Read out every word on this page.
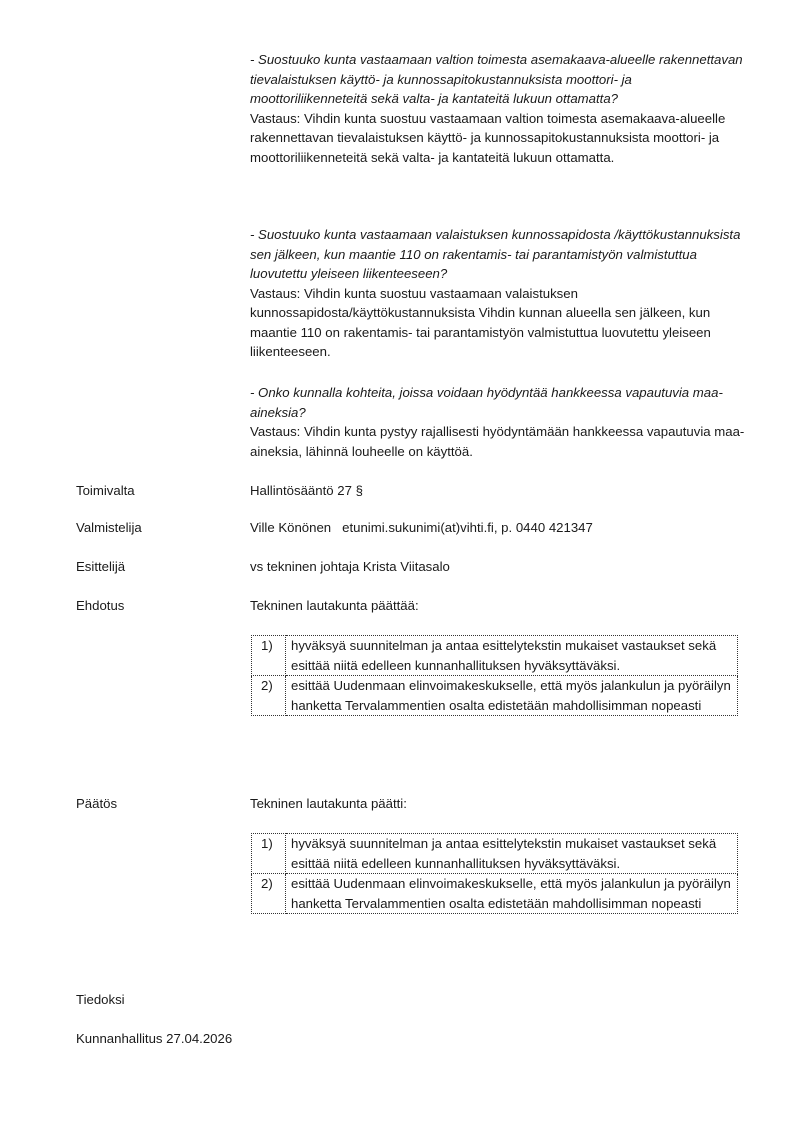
- Suostuuko kunta vastaamaan valtion toimesta asemakaava-alueelle rakennettavan tievalaistuksen käyttö- ja kunnossapitokustannuksista moottori- ja moottoriliikenneteitä sekä valta- ja kantateitä lukuun ottamatta?
Vastaus: Vihdin kunta suostuu vastaamaan valtion toimesta asemakaava-alueelle rakennettavan tievalaistuksen käyttö- ja kunnossapitokustannuksista moottori- ja moottoriliikenneteitä sekä valta- ja kantateitä lukuun ottamatta.
- Suostuuko kunta vastaamaan valaistuksen kunnossapidosta /käyttökustannuksista sen jälkeen, kun maantie 110 on rakentamis- tai parantamistyön valmistuttua luovutettu yleiseen liikenteeseen?
Vastaus: Vihdin kunta suostuu vastaamaan valaistuksen kunnossapidosta/käyttökustannuksista Vihdin kunnan alueella sen jälkeen, kun maantie 110 on rakentamis- tai parantamistyön valmistuttua luovutettu yleiseen liikenteeseen.
- Onko kunnalla kohteita, joissa voidaan hyödyntää hankkeessa vapautuvia maa-aineksia?
Vastaus: Vihdin kunta pystyy rajallisesti hyödyntämään hankkeessa vapautuvia maa-aineksia, lähinnä louheelle on käyttöä.
Toimivalta	Hallintösääntö 27 §
Valmistelija	Ville Könönen   etunimi.sukunimi(at)vihti.fi, p. 0440 421347
Esittelijä	vs tekninen johtaja Krista Viitasalo
Ehdotus	Tekninen lautakunta päättää:
1)	hyväksyä suunnitelman ja antaa esittelytekstin mukaiset vastaukset sekä esittää niitä edelleen kunnanhallituksen hyväksyttäväksi.
2)	esittää Uudenmaan elinvoimakeskukselle, että myös jalankulun ja pyöräilyn hanketta Tervalammentien osalta edistetään mahdollisimman nopeasti
Päätös	Tekninen lautakunta päätti:
1)	hyväksyä suunnitelman ja antaa esittelytekstin mukaiset vastaukset sekä esittää niitä edelleen kunnanhallituksen hyväksyttäväksi.
2)	esittää Uudenmaan elinvoimakeskukselle, että myös jalankulun ja pyöräilyn hanketta Tervalammentien osalta edistetään mahdollisimman nopeasti
Tiedoksi
Kunnanhallitus 27.04.2026
